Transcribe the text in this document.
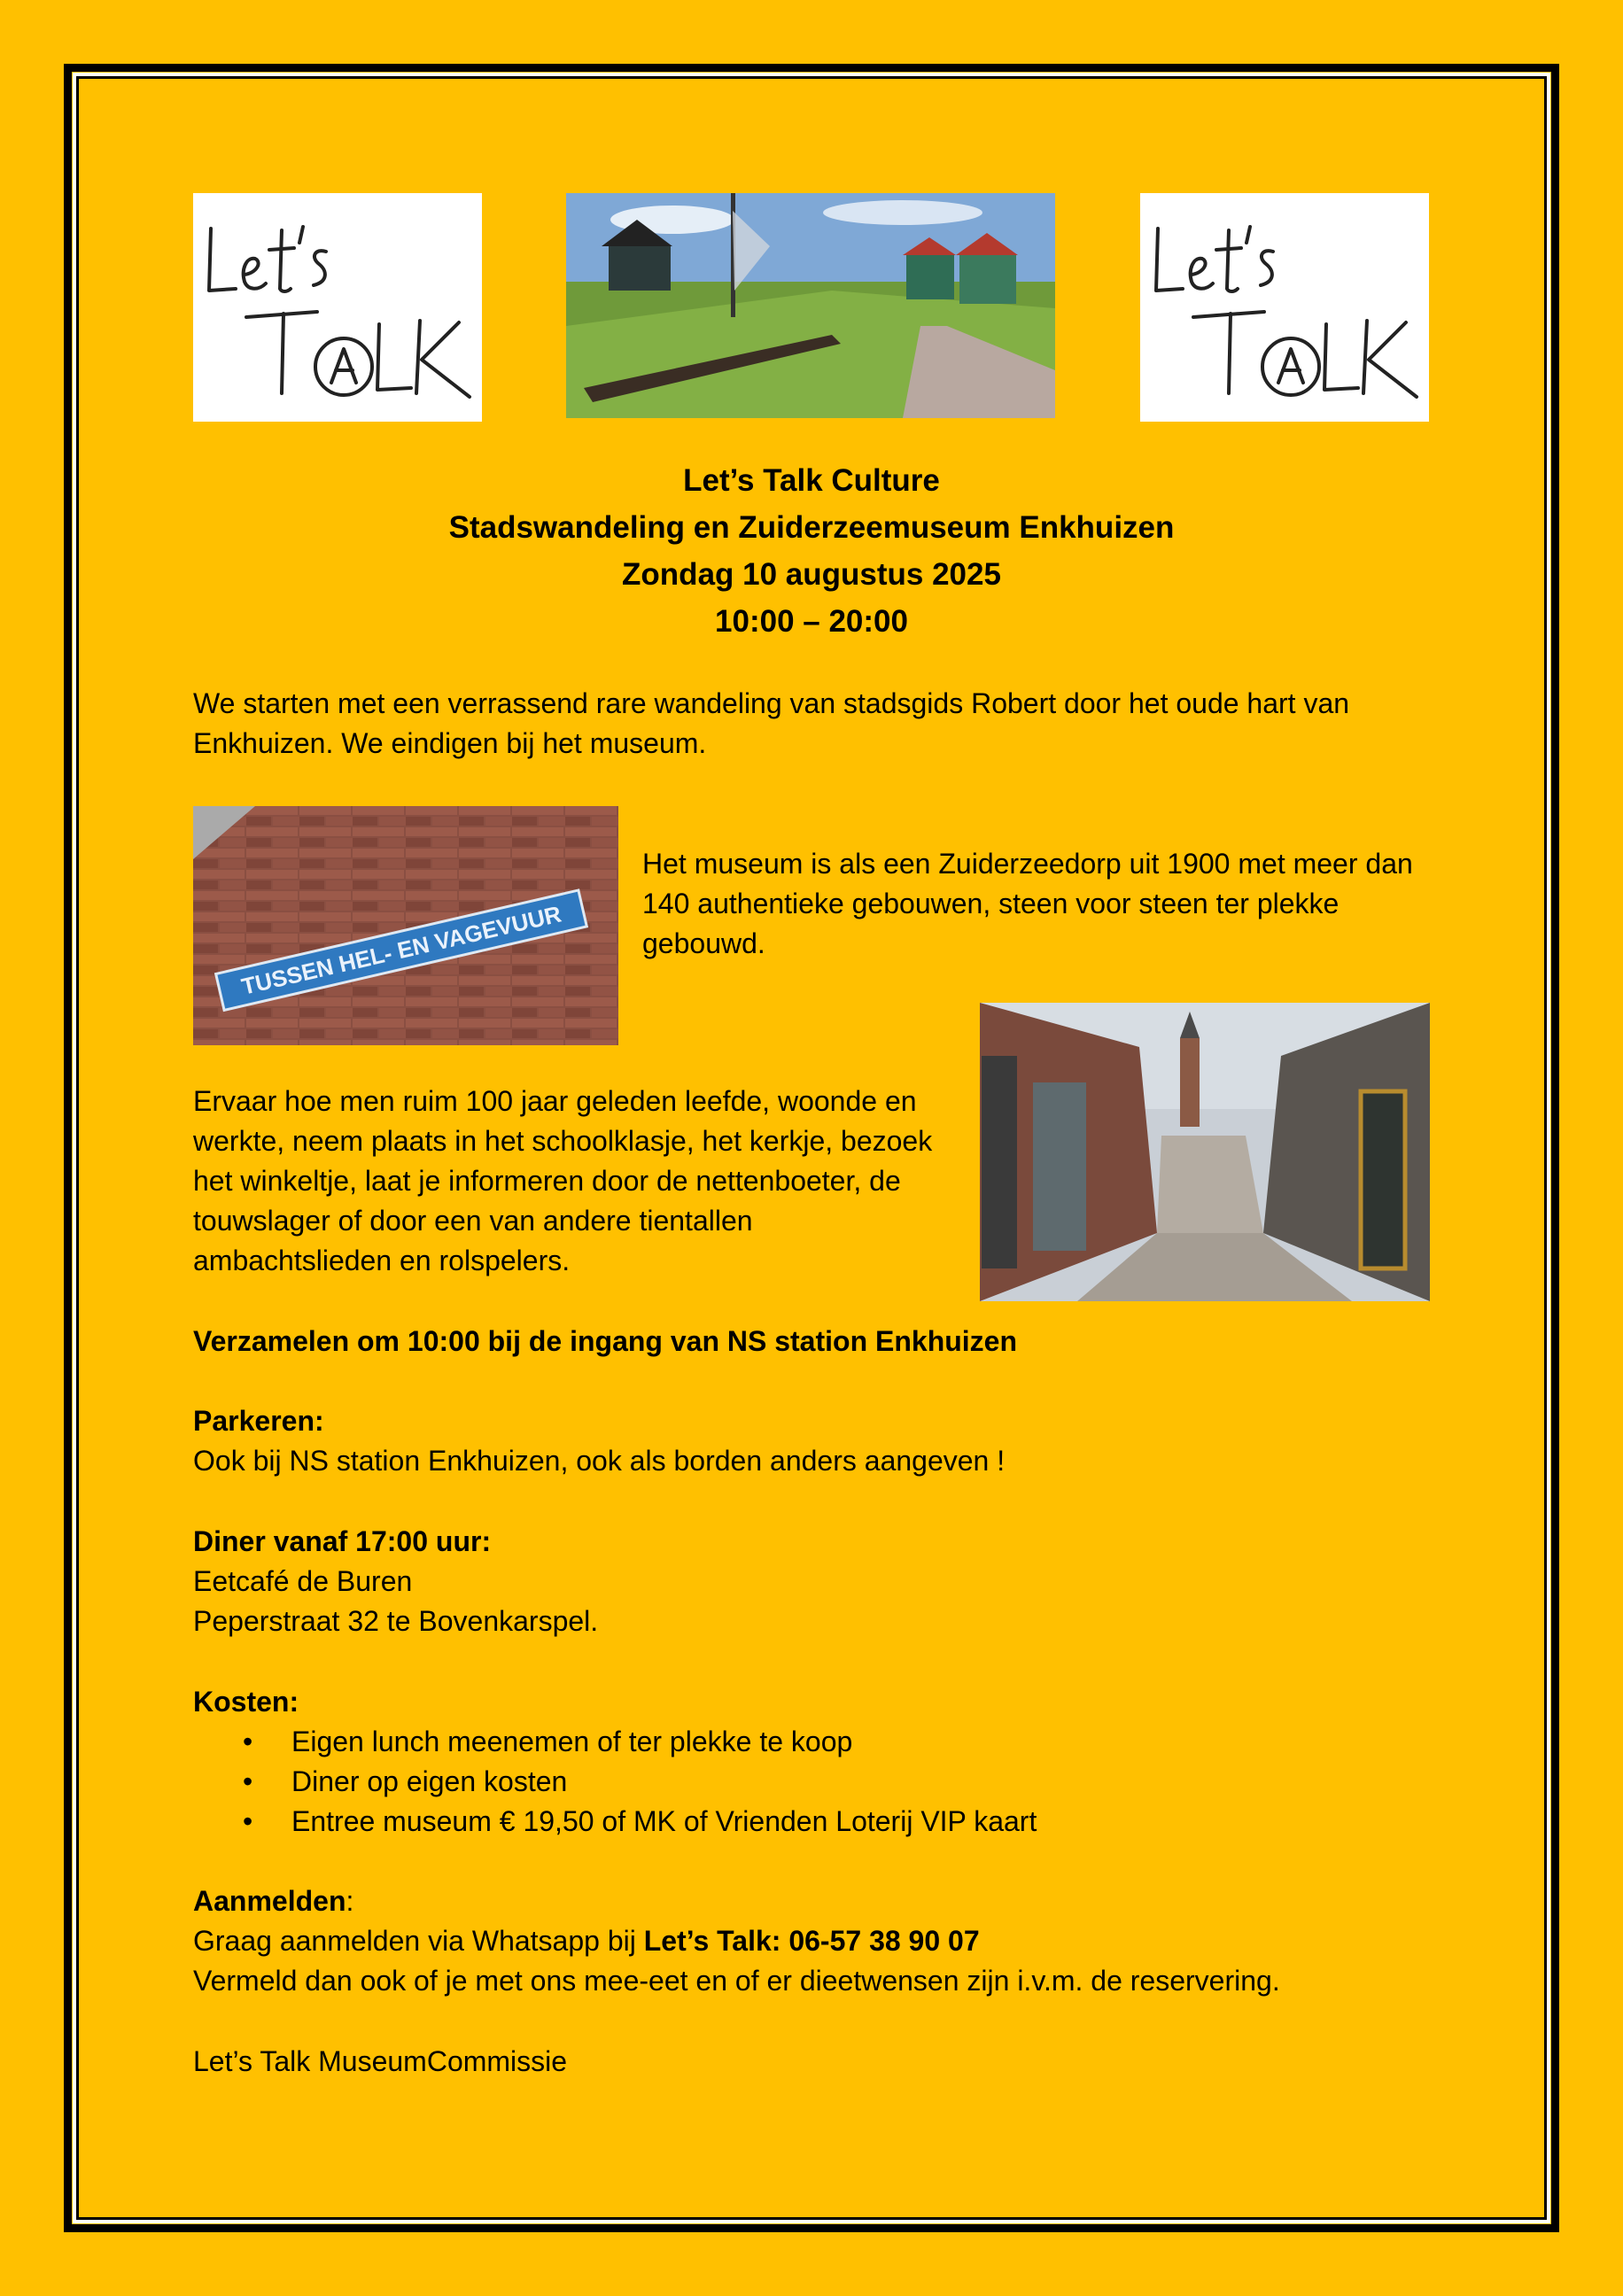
Let’s Talk Culture
Stadswandeling en Zuiderzeemuseum Enkhuizen
Zondag 10 augustus 2025
10:00 – 20:00
We starten met een verrassend rare wandeling van stadsgids Robert door het oude hart van Enkhuizen. We eindigen bij het museum.
TUSSEN HEL- EN VAGEVUUR
Het museum is als een Zuiderzeedorp uit 1900 met meer dan 140 authentieke gebouwen, steen voor steen ter plekke gebouwd.
Ervaar hoe men ruim 100 jaar geleden leefde, woonde en werkte, neem plaats in het schoolklasje, het kerkje, bezoek het winkeltje, laat je informeren door de nettenboeter, de touwslager of door een van andere tientallen ambachtslieden en rolspelers.
Verzamelen om 10:00 bij de ingang van NS station Enkhuizen
Parkeren:
Ook bij NS station Enkhuizen, ook als borden anders aangeven !
Diner vanaf 17:00 uur:
Eetcafé de Buren
Peperstraat 32 te Bovenkarspel.
Kosten:
• Eigen lunch meenemen of ter plekke te koop
• Diner op eigen kosten
• Entree museum € 19,50 of MK of Vrienden Loterij VIP kaart
Aanmelden:
Graag aanmelden via Whatsapp bij Let’s Talk: 06-57 38 90 07
Vermeld dan ook of je met ons mee-eet en of er dieetwensen zijn i.v.m. de reservering.
Let’s Talk MuseumCommissie
